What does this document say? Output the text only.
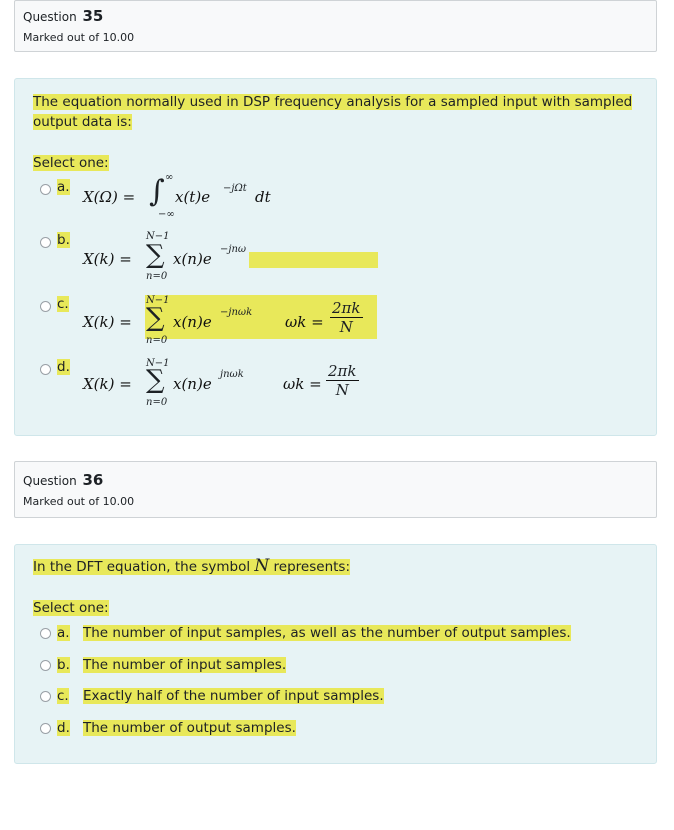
Question 35
Marked out of 10.00
The equation normally used in DSP frequency analysis for a sampled input with sampled
output data is:
Select one:
a.
X(Ω) = ∫ ∞
−∞
x(t)e −jΩt dt
b.	N−1
X(k) = ∑
n=0
x(n)e
−jnω
c.	N−1
X(k) = ∑
n=0
x(n)e
−jnωk
$\omega k = \frac{2\pi k}{N}$
d.	N−1
X(k) = ∑
n=0
x(n)e
jnωk
$\omega k = \frac{2\pi k}{N}$
Question 36
Marked out of 10.00
In the DFT equation, the symbol N represents:
Select one:
a. The number of input samples, as well as the number of output samples.
b. The number of input samples.
c. Exactly half of the number of input samples.
d. The number of output samples.
